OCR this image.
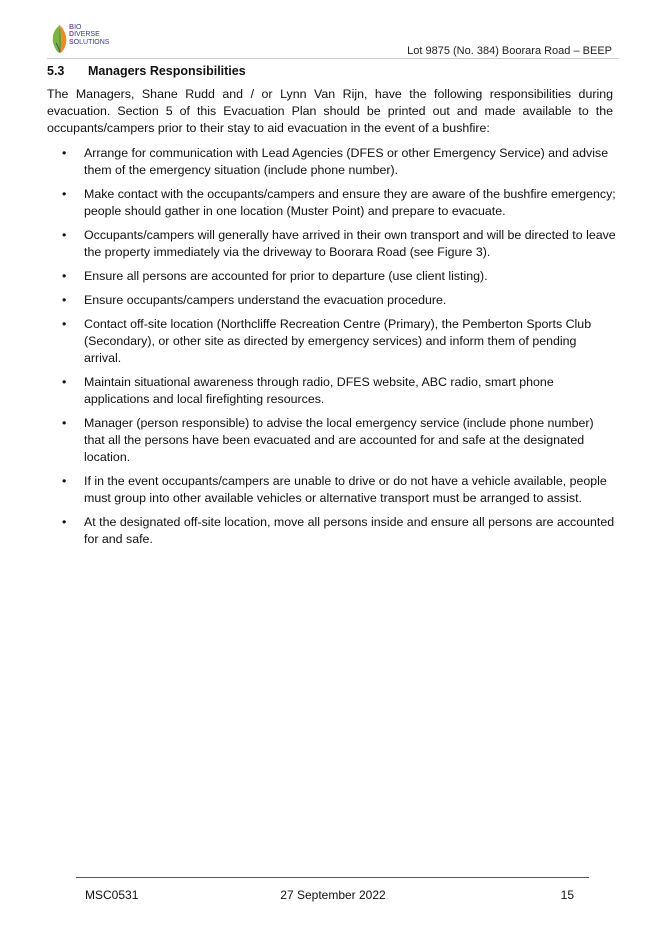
BIO
DIVERSE
SOLUTIONS
Lot 9875 (No. 384) Boorara Road – BEEP
5.3 Managers Responsibilities

The Managers, Shane Rudd and / or Lynn Van Rijn, have the following responsibilities during evacuation. Section 5 of this Evacuation Plan should be printed out and made available to the occupants/campers prior to their stay to aid evacuation in the event of a bushfire:

• Arrange for communication with Lead Agencies (DFES or other Emergency Service) and advise them of the emergency situation (include phone number).
• Make contact with the occupants/campers and ensure they are aware of the bushfire emergency; people should gather in one location (Muster Point) and prepare to evacuate.
• Occupants/campers will generally have arrived in their own transport and will be directed to leave the property immediately via the driveway to Boorara Road (see Figure 3).
• Ensure all persons are accounted for prior to departure (use client listing).
• Ensure occupants/campers understand the evacuation procedure.
• Contact off-site location (Northcliffe Recreation Centre (Primary), the Pemberton Sports Club (Secondary), or other site as directed by emergency services) and inform them of pending arrival.
• Maintain situational awareness through radio, DFES website, ABC radio, smart phone applications and local firefighting resources.
• Manager (person responsible) to advise the local emergency service (include phone number) that all the persons have been evacuated and are accounted for and safe at the designated location.
• If in the event occupants/campers are unable to drive or do not have a vehicle available, people must group into other available vehicles or alternative transport must be arranged to assist.
• At the designated off-site location, move all persons inside and ensure all persons are accounted for and safe.
MSC0531	27 September 2022	15
